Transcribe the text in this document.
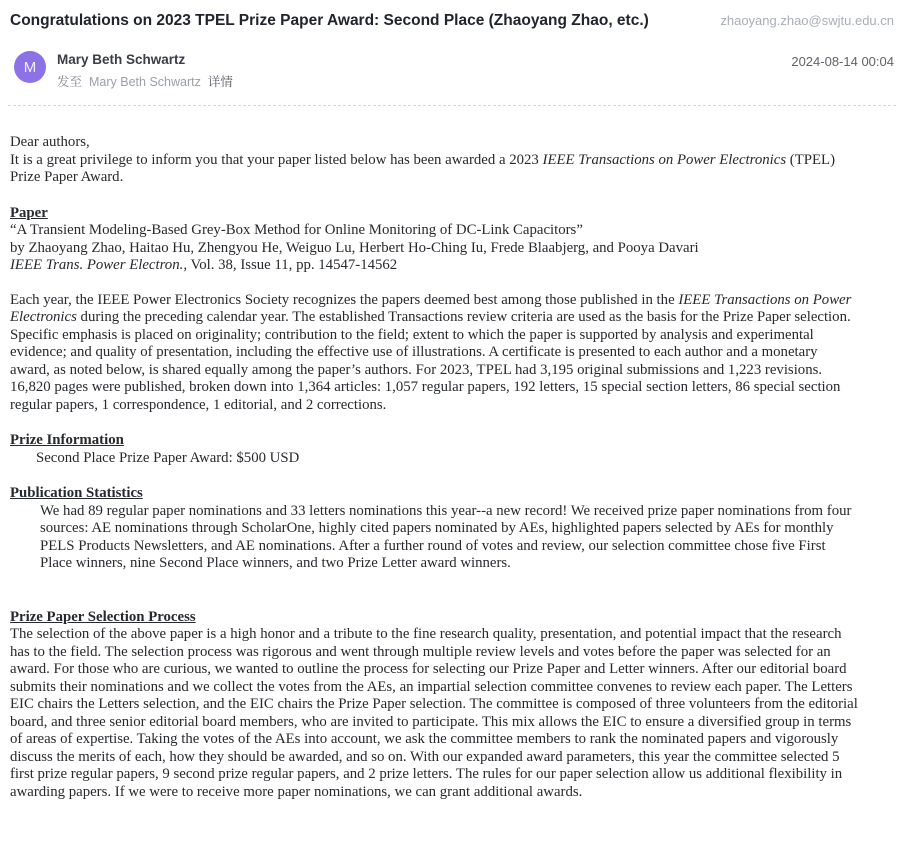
Congratulations on 2023 TPEL Prize Paper Award: Second Place (Zhaoyang Zhao, etc.)	zhaoyang.zhao@swjtu.edu.cn
M Mary Beth Schwartz
发至 Mary Beth Schwartz 详情
2024-08-14 00:04

Dear authors,

It is a great privilege to inform you that your paper listed below has been awarded a 2023 IEEE Transactions on Power Electronics (TPEL) Prize Paper Award.

Paper

“A Transient Modeling-Based Grey-Box Method for Online Monitoring of DC-Link Capacitors”
by Zhaoyang Zhao, Haitao Hu, Zhengyou He, Weiguo Lu, Herbert Ho-Ching Iu, Frede Blaabjerg, and Pooya Davari
IEEE Trans. Power Electron., Vol. 38, Issue 11, pp. 14547-14562

Each year, the IEEE Power Electronics Society recognizes the papers deemed best among those published in the IEEE Transactions on Power Electronics during the preceding calendar year. The established Transactions review criteria are used as the basis for the Prize Paper selection. Specific emphasis is placed on originality; contribution to the field; extent to which the paper is supported by analysis and experimental evidence; and quality of presentation, including the effective use of illustrations. A certificate is presented to each author and a monetary award, as noted below, is shared equally among the paper’s authors. For 2023, TPEL had 3,195 original submissions and 1,223 revisions. 16,820 pages were published, broken down into 1,364 articles: 1,057 regular papers, 192 letters, 15 special section letters, 86 special section regular papers, 1 correspondence, 1 editorial, and 2 corrections.

Prize Information

Second Place Prize Paper Award: $500 USD

Publication Statistics

We had 89 regular paper nominations and 33 letters nominations this year--a new record! We received prize paper nominations from four sources: AE nominations through ScholarOne, highly cited papers nominated by AEs, highlighted papers selected by AEs for monthly PELS Products Newsletters, and AE nominations. After a further round of votes and review, our selection committee chose five First Place winners, nine Second Place winners, and two Prize Letter award winners.

Prize Paper Selection Process

The selection of the above paper is a high honor and a tribute to the fine research quality, presentation, and potential impact that the research has to the field. The selection process was rigorous and went through multiple review levels and votes before the paper was selected for an award. For those who are curious, we wanted to outline the process for selecting our Prize Paper and Letter winners. After our editorial board submits their nominations and we collect the votes from the AEs, an impartial selection committee convenes to review each paper. The Letters EIC chairs the Letters selection, and the EIC chairs the Prize Paper selection. The committee is composed of three volunteers from the editorial board, and three senior editorial board members, who are invited to participate. This mix allows the EIC to ensure a diversified group in terms of areas of expertise. Taking the votes of the AEs into account, we ask the committee members to rank the nominated papers and vigorously discuss the merits of each, how they should be awarded, and so on. With our expanded award parameters, this year the committee selected 5 first prize regular papers, 9 second prize regular papers, and 2 prize letters. The rules for our paper selection allow us additional flexibility in awarding papers. If we were to receive more paper nominations, we can grant additional awards.
